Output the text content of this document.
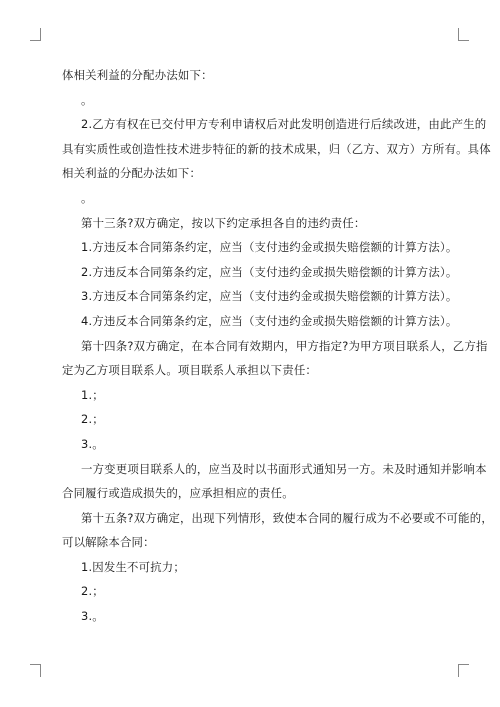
体相关利益的分配办法如下：

。

2.乙方有权在已交付甲方专利申请权后对此发明创造进行后续改进，由此产生的

具有实质性或创造性技术进步特征的新的技术成果，归（乙方、双方）方所有。具体

相关利益的分配办法如下：

。

第十三条?双方确定，按以下约定承担各自的违约责任：

1.方违反本合同第条约定，应当（支付违约金或损失赔偿额的计算方法）。

2.方违反本合同第条约定，应当（支付违约金或损失赔偿额的计算方法）。

3.方违反本合同第条约定，应当（支付违约金或损失赔偿额的计算方法）。

4.方违反本合同第条约定，应当（支付违约金或损失赔偿额的计算方法）。

第十四条?双方确定，在本合同有效期内，甲方指定?为甲方项目联系人，乙方指

定为乙方项目联系人。项目联系人承担以下责任：

1.；

2.；

3.。

一方变更项目联系人的，应当及时以书面形式通知另一方。未及时通知并影响本

合同履行或造成损失的，应承担相应的责任。

第十五条?双方确定，出现下列情形，致使本合同的履行成为不必要或不可能的，

可以解除本合同：

1.因发生不可抗力；

2.；

3.。
